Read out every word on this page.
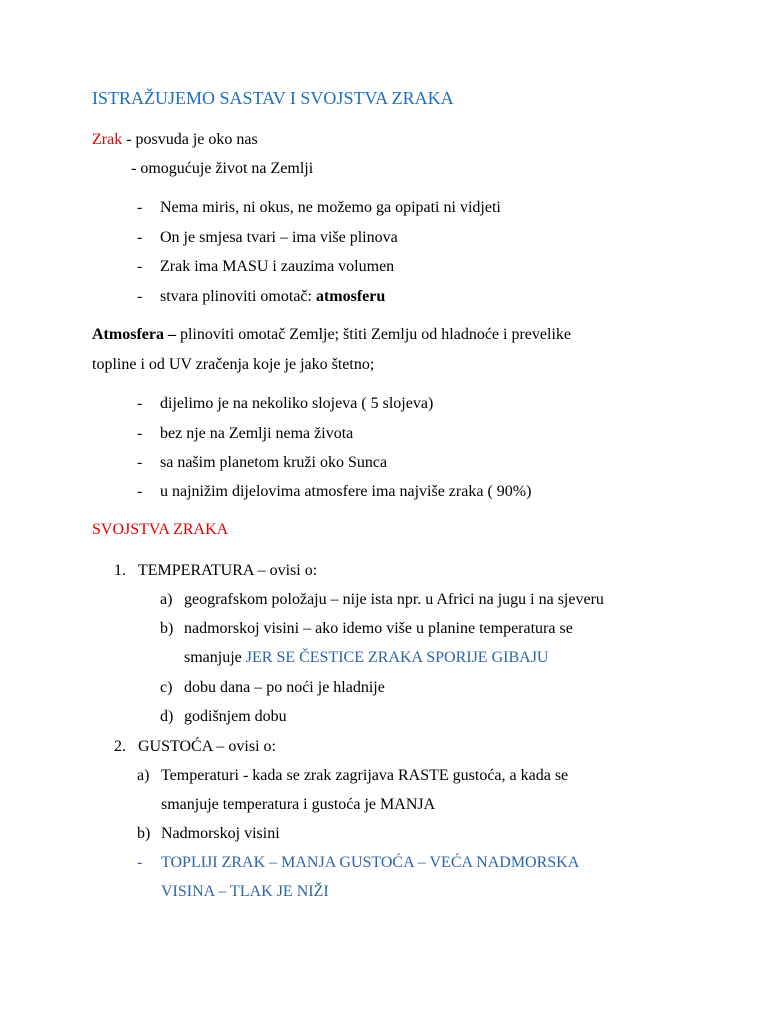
ISTRAŽUJEMO SASTAV I SVOJSTVA ZRAKA
Zrak - posvuda je oko nas
- omogućuje život na Zemlji
- Nema miris, ni okus, ne možemo ga opipati ni vidjeti
- On je smjesa tvari – ima više plinova
- Zrak ima MASU i zauzima volumen
- stvara plinoviti omotač: atmosferu
Atmosfera – plinoviti omotač Zemlje; štiti Zemlju od hladnoće i prevelike
topline i od UV zračenja koje je jako štetno;
- dijelimo je na nekoliko slojeva ( 5 slojeva)
- bez nje na Zemlji nema života
- sa našim planetom kruži oko Sunca
- u najnižim dijelovima atmosfere ima najviše zraka ( 90%)
SVOJSTVA ZRAKA
1. TEMPERATURA – ovisi o:
a) geografskom položaju – nije ista npr. u Africi na jugu i na sjeveru
b) nadmorskoj visini – ako idemo više u planine temperatura se
smanjuje JER SE ČESTICE ZRAKA SPORIJE GIBAJU
c) dobu dana – po noći je hladnije
d) godišnjem dobu
2. GUSTOĆA – ovisi o:
a) Temperaturi - kada se zrak zagrijava RASTE gustoća, a kada se
smanjuje temperatura i gustoća je MANJA
b) Nadmorskoj visini
- TOPLIJI ZRAK – MANJA GUSTOĆA – VEĆA NADMORSKA
VISINA – TLAK JE NIŽI
